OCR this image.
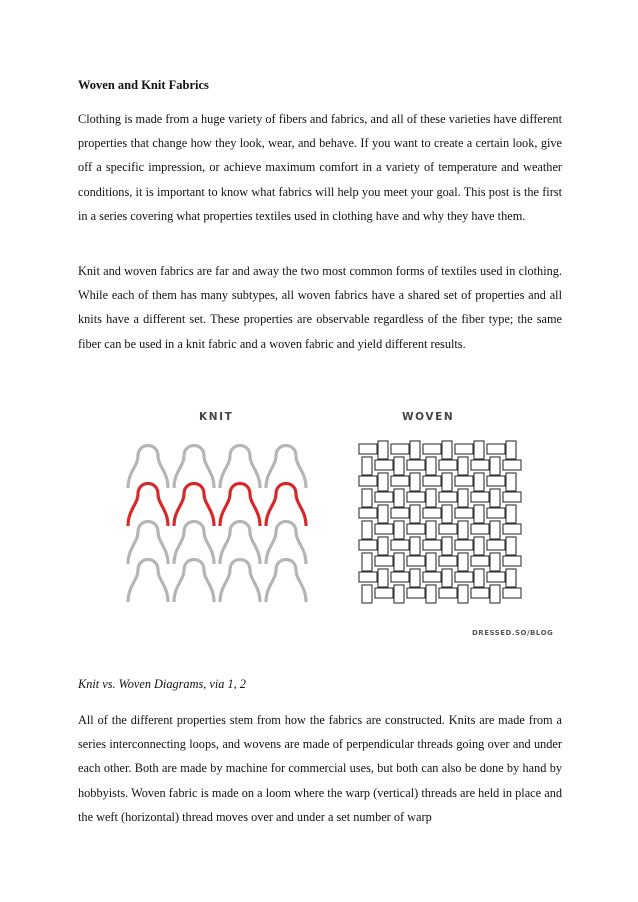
Woven and Knit Fabrics
Clothing is made from a huge variety of fibers and fabrics, and all of these varieties have different properties that change how they look, wear, and behave. If you want to create a certain look, give off a specific impression, or achieve maximum comfort in a variety of temperature and weather conditions, it is important to know what fabrics will help you meet your goal. This post is the first in a series covering what properties textiles used in clothing have and why they have them.
Knit and woven fabrics are far and away the two most common forms of textiles used in clothing. While each of them has many subtypes, all woven fabrics have a shared set of properties and all knits have a different set. These properties are observable regardless of the fiber type; the same fiber can be used in a knit fabric and a woven fabric and yield different results.
KNIT	WOVEN
DRESSED.SO/BLOG
Knit vs. Woven Diagrams, via 1, 2
All of the different properties stem from how the fabrics are constructed. Knits are made from a series interconnecting loops, and wovens are made of perpendicular threads going over and under each other. Both are made by machine for commercial uses, but both can also be done by hand by hobbyists. Woven fabric is made on a loom where the warp (vertical) threads are held in place and the weft (horizontal) thread moves over and under a set number of warp
